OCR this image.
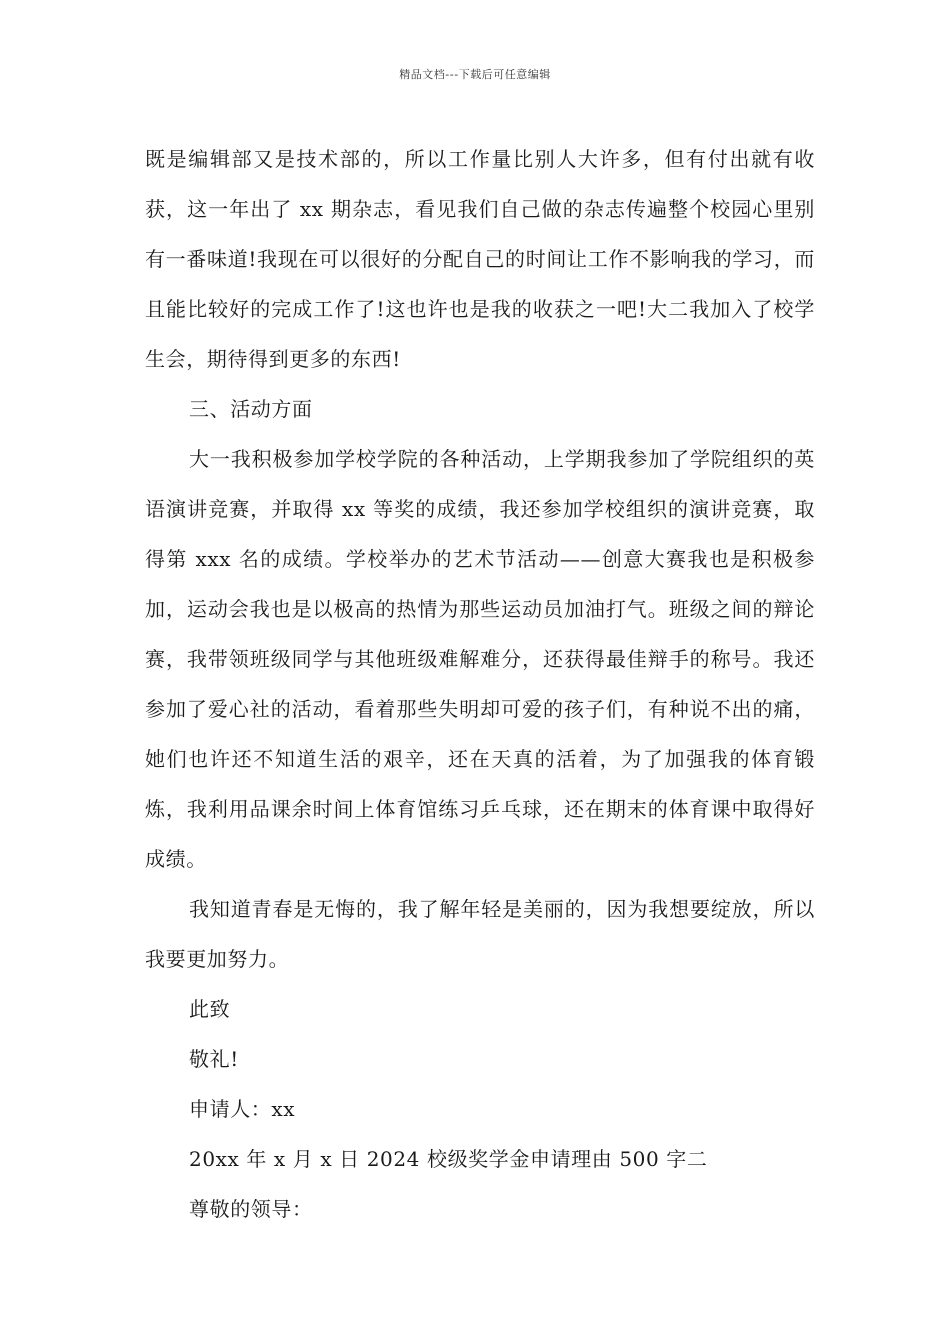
精品文档---下载后可任意编辑

既是编辑部又是技术部的，所以工作量比别人大许多，但有付出就有收获，这一年出了 xx 期杂志，看见我们自己做的杂志传遍整个校园心里别有一番味道!我现在可以很好的分配自己的时间让工作不影响我的学习，而且能比较好的完成工作了!这也许也是我的收获之一吧!大二我加入了校学生会，期待得到更多的东西!

三、活动方面

大一我积极参加学校学院的各种活动，上学期我参加了学院组织的英语演讲竞赛，并取得 xx 等奖的成绩，我还参加学校组织的演讲竞赛，取得第 xxx 名的成绩。学校举办的艺术节活动——创意大赛我也是积极参加，运动会我也是以极高的热情为那些运动员加油打气。班级之间的辩论赛，我带领班级同学与其他班级难解难分，还获得最佳辩手的称号。我还参加了爱心社的活动，看着那些失明却可爱的孩子们，有种说不出的痛，她们也许还不知道生活的艰辛，还在天真的活着，为了加强我的体育锻炼，我利用品课余时间上体育馆练习乒乓球，还在期末的体育课中取得好成绩。

我知道青春是无悔的，我了解年轻是美丽的，因为我想要绽放，所以我要更加努力。

此致

敬礼!

申请人：xx

20xx 年 x 月 x 日 2024 校级奖学金申请理由 500 字二

尊敬的领导：
